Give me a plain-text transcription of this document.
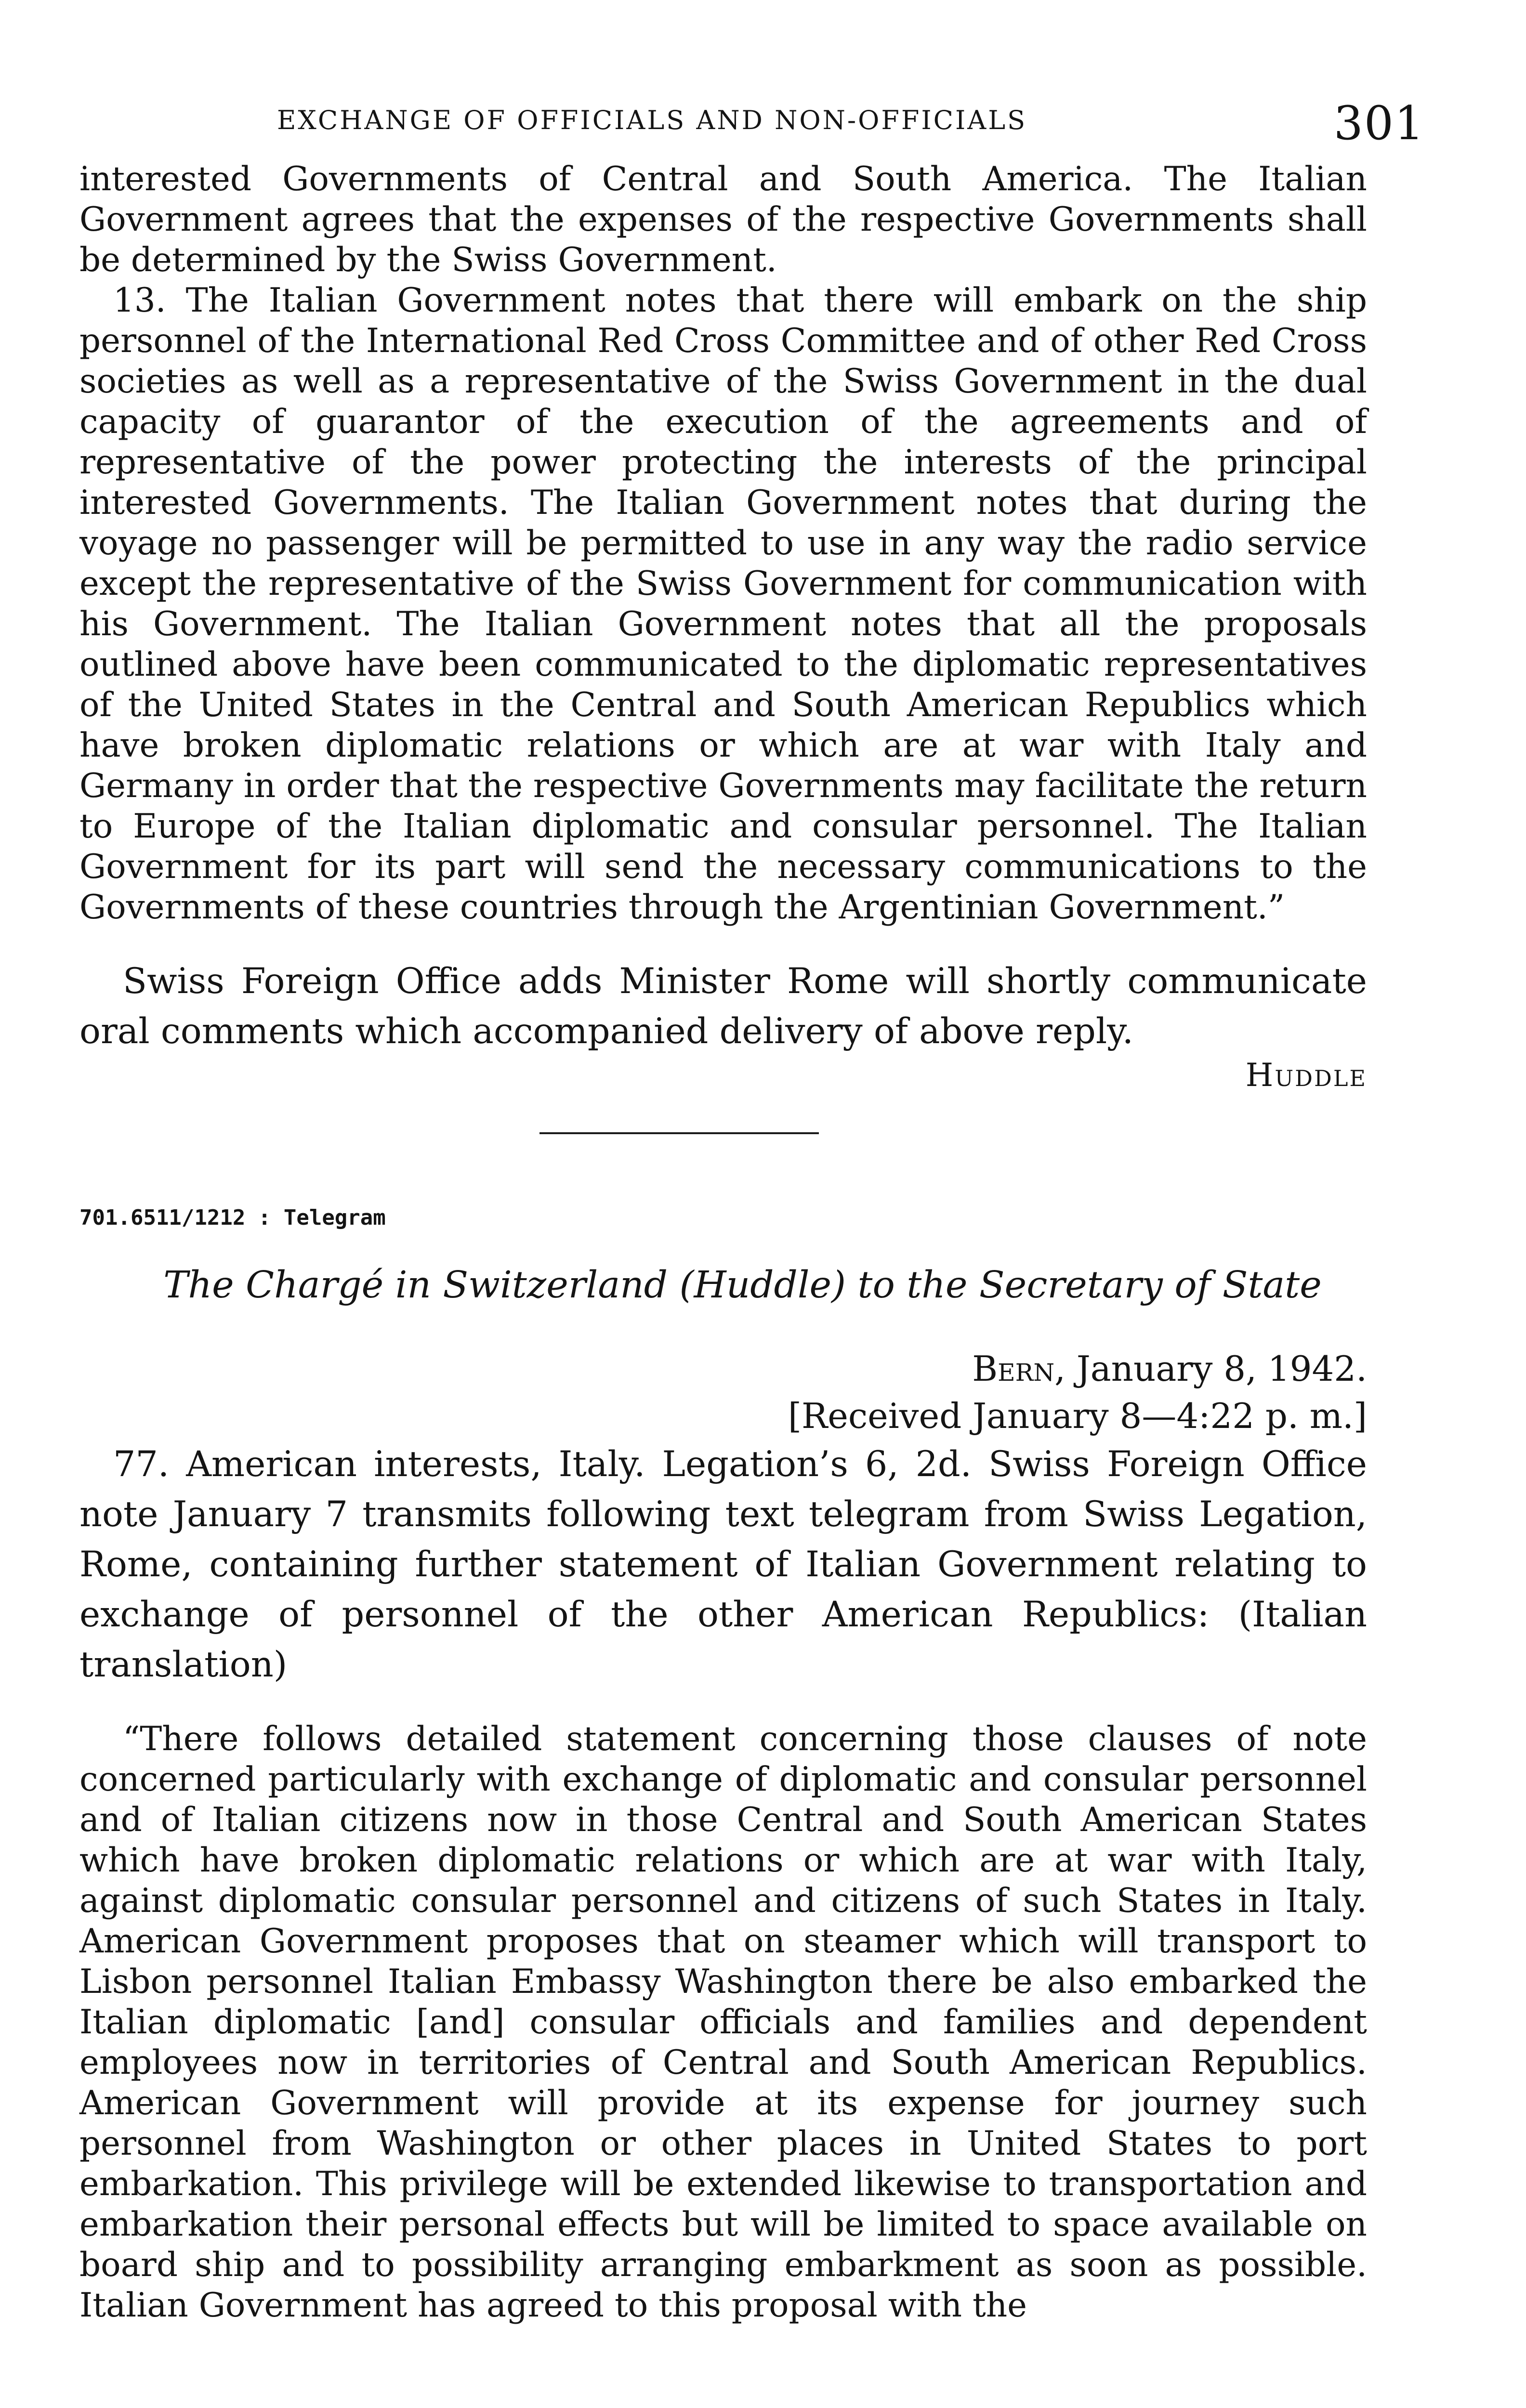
EXCHANGE OF OFFICIALS AND NON-OFFICIALS	301

interested Governments of Central and South America. The Italian Government agrees that the expenses of the respective Governments shall be determined by the Swiss Government.

13. The Italian Government notes that there will embark on the ship personnel of the International Red Cross Committee and of other Red Cross societies as well as a representative of the Swiss Government in the dual capacity of guarantor of the execution of the agreements and of representative of the power protecting the interests of the principal interested Governments. The Italian Government notes that during the voyage no passenger will be permitted to use in any way the radio service except the representative of the Swiss Government for communication with his Government. The Italian Government notes that all the proposals outlined above have been communicated to the diplomatic representatives of the United States in the Central and South American Republics which have broken diplomatic relations or which are at war with Italy and Germany in order that the respective Governments may facilitate the return to Europe of the Italian diplomatic and consular personnel. The Italian Government for its part will send the necessary communications to the Governments of these countries through the Argentinian Government.”

Swiss Foreign Office adds Minister Rome will shortly communicate oral comments which accompanied delivery of above reply.

Huddle
701.6511/1212 : Telegram
The Chargé in Switzerland (Huddle) to the Secretary of State
Bern, January 8, 1942.
[Received January 8—4:22 p. m.]

77. American interests, Italy. Legation’s 6, 2d. Swiss Foreign Office note January 7 transmits following text telegram from Swiss Legation, Rome, containing further statement of Italian Government relating to exchange of personnel of the other American Republics: (Italian translation)

“There follows detailed statement concerning those clauses of note concerned particularly with exchange of diplomatic and consular personnel and of Italian citizens now in those Central and South American States which have broken diplomatic relations or which are at war with Italy, against diplomatic consular personnel and citizens of such States in Italy. American Government proposes that on steamer which will transport to Lisbon personnel Italian Embassy Washington there be also embarked the Italian diplomatic [and] consular officials and families and dependent employees now in territories of Central and South American Republics. American Government will provide at its expense for journey such personnel from Washington or other places in United States to port embarkation. This privilege will be extended likewise to transportation and embarkation their personal effects but will be limited to space available on board ship and to possibility arranging embarkment as soon as possible. Italian Government has agreed to this proposal with the
